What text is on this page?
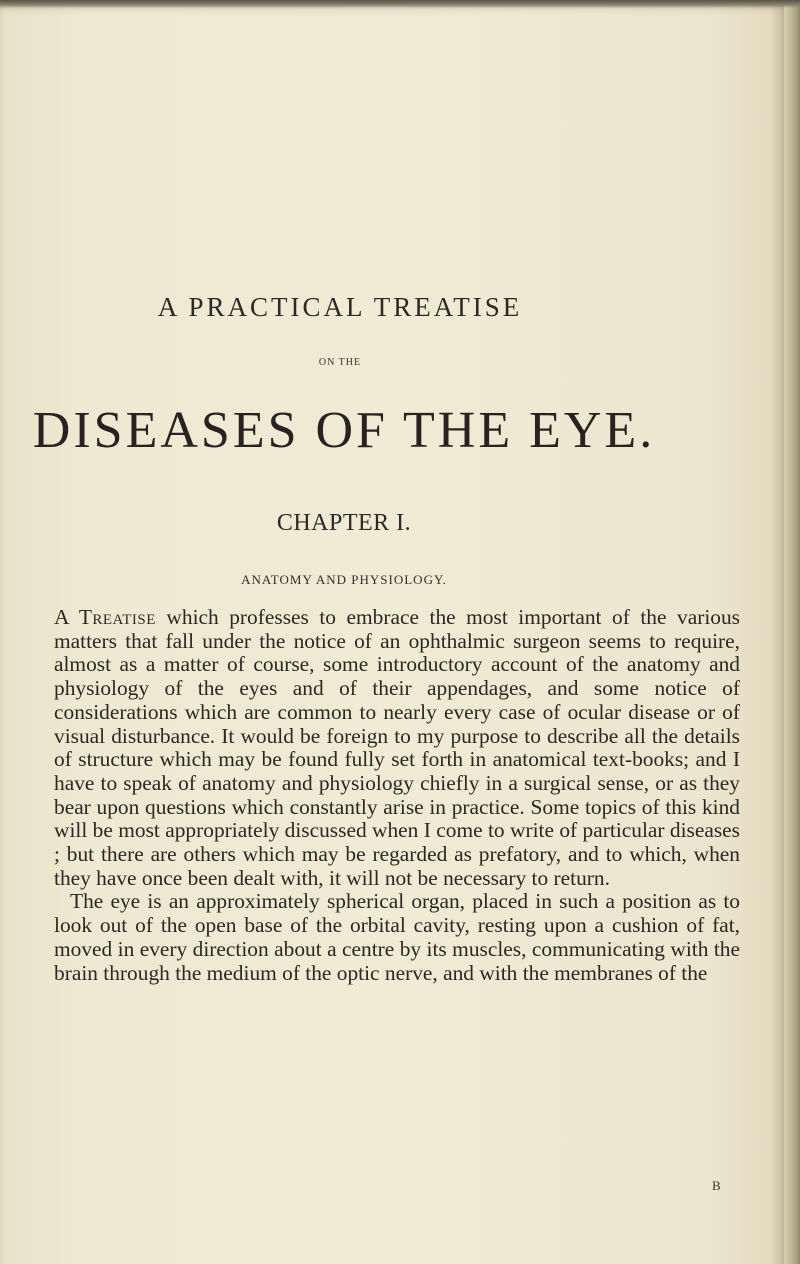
A PRACTICAL TREATISE
ON THE
DISEASES OF THE EYE.
CHAPTER I.
ANATOMY AND PHYSIOLOGY.

A Treatise which professes to embrace the most important of the various matters that fall under the notice of an ophthalmic surgeon seems to require, almost as a matter of course, some introductory account of the anatomy and physiology of the eyes and of their appendages, and some notice of considerations which are common to nearly every case of ocular disease or of visual disturbance. It would be foreign to my purpose to describe all the details of structure which may be found fully set forth in anatomical text-books; and I have to speak of anatomy and physiology chiefly in a surgical sense, or as they bear upon questions which constantly arise in practice. Some topics of this kind will be most appropriately discussed when I come to write of particular diseases ; but there are others which may be regarded as prefatory, and to which, when they have once been dealt with, it will not be necessary to return.

The eye is an approximately spherical organ, placed in such a position as to look out of the open base of the orbital cavity, resting upon a cushion of fat, moved in every direction about a centre by its muscles, communicating with the brain through the medium of the optic nerve, and with the membranes of the

B
